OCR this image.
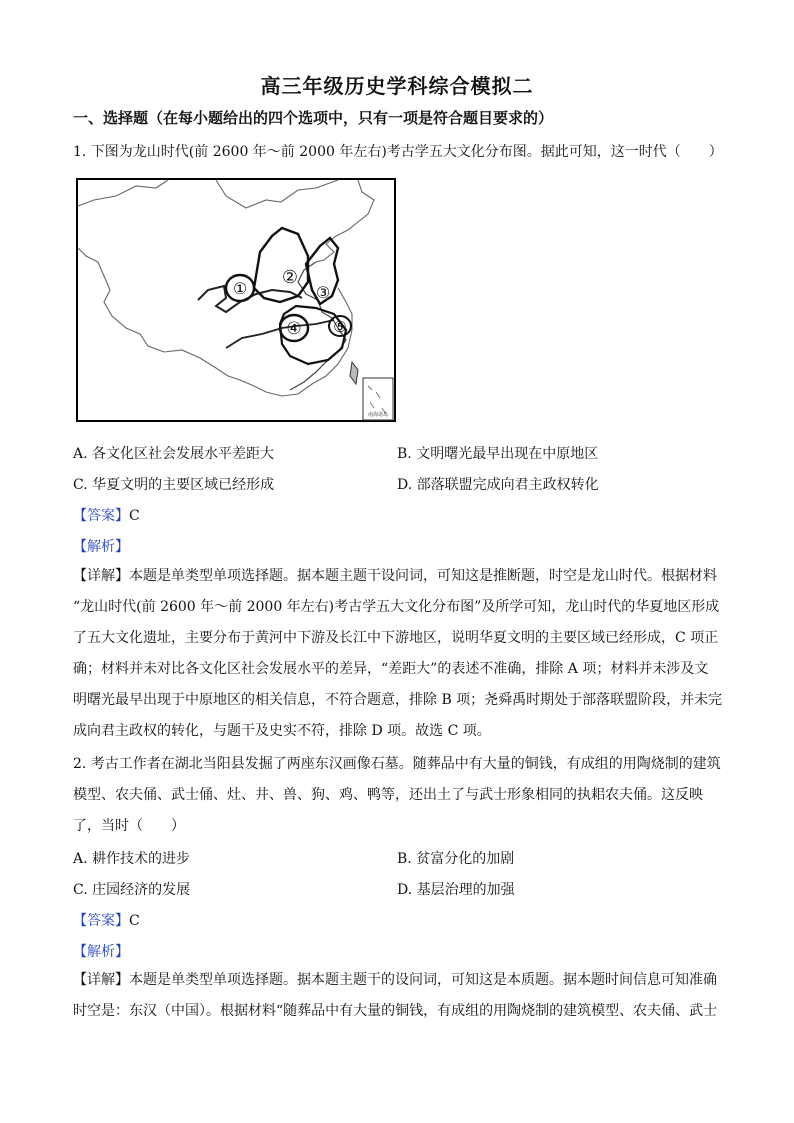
高三年级历史学科综合模拟二
一、选择题（在每小题给出的四个选项中，只有一项是符合题目要求的）
1. 下图为龙山时代(前 2600 年～前 2000 年左右)考古学五大文化分布图。据此可知，这一时代（　　）
①
②
③
④ ⑤
南海诸岛
A. 各文化区社会发展水平差距大	B. 文明曙光最早出现在中原地区
C. 华夏文明的主要区域已经形成	D. 部落联盟完成向君主政权转化
【答案】C
【解析】
【详解】本题是单类型单项选择题。据本题主题干设问词，可知这是推断题，时空是龙山时代。根据材料
“龙山时代(前 2600 年～前 2000 年左右)考古学五大文化分布图”及所学可知，龙山时代的华夏地区形成
了五大文化遗址，主要分布于黄河中下游及长江中下游地区，说明华夏文明的主要区域已经形成，C 项正
确；材料并未对比各文化区社会发展水平的差异，“差距大”的表述不准确，排除 A 项；材料并未涉及文
明曙光最早出现于中原地区的相关信息，不符合题意，排除 B 项；尧舜禹时期处于部落联盟阶段，并未完
成向君主政权的转化，与题干及史实不符，排除 D 项。故选 C 项。
2. 考古工作者在湖北当阳县发掘了两座东汉画像石墓。随葬品中有大量的铜钱，有成组的用陶烧制的建筑
模型、农夫俑、武士俑、灶、井、兽、狗、鸡、鸭等，还出土了与武士形象相同的执耜农夫俑。这反映
了，当时（　　）
A. 耕作技术的进步	B. 贫富分化的加剧
C. 庄园经济的发展	D. 基层治理的加强
【答案】C
【解析】
【详解】本题是单类型单项选择题。据本题主题干的设问词，可知这是本质题。据本题时间信息可知准确
时空是：东汉（中国）。根据材料“随葬品中有大量的铜钱，有成组的用陶烧制的建筑模型、农夫俑、武士
